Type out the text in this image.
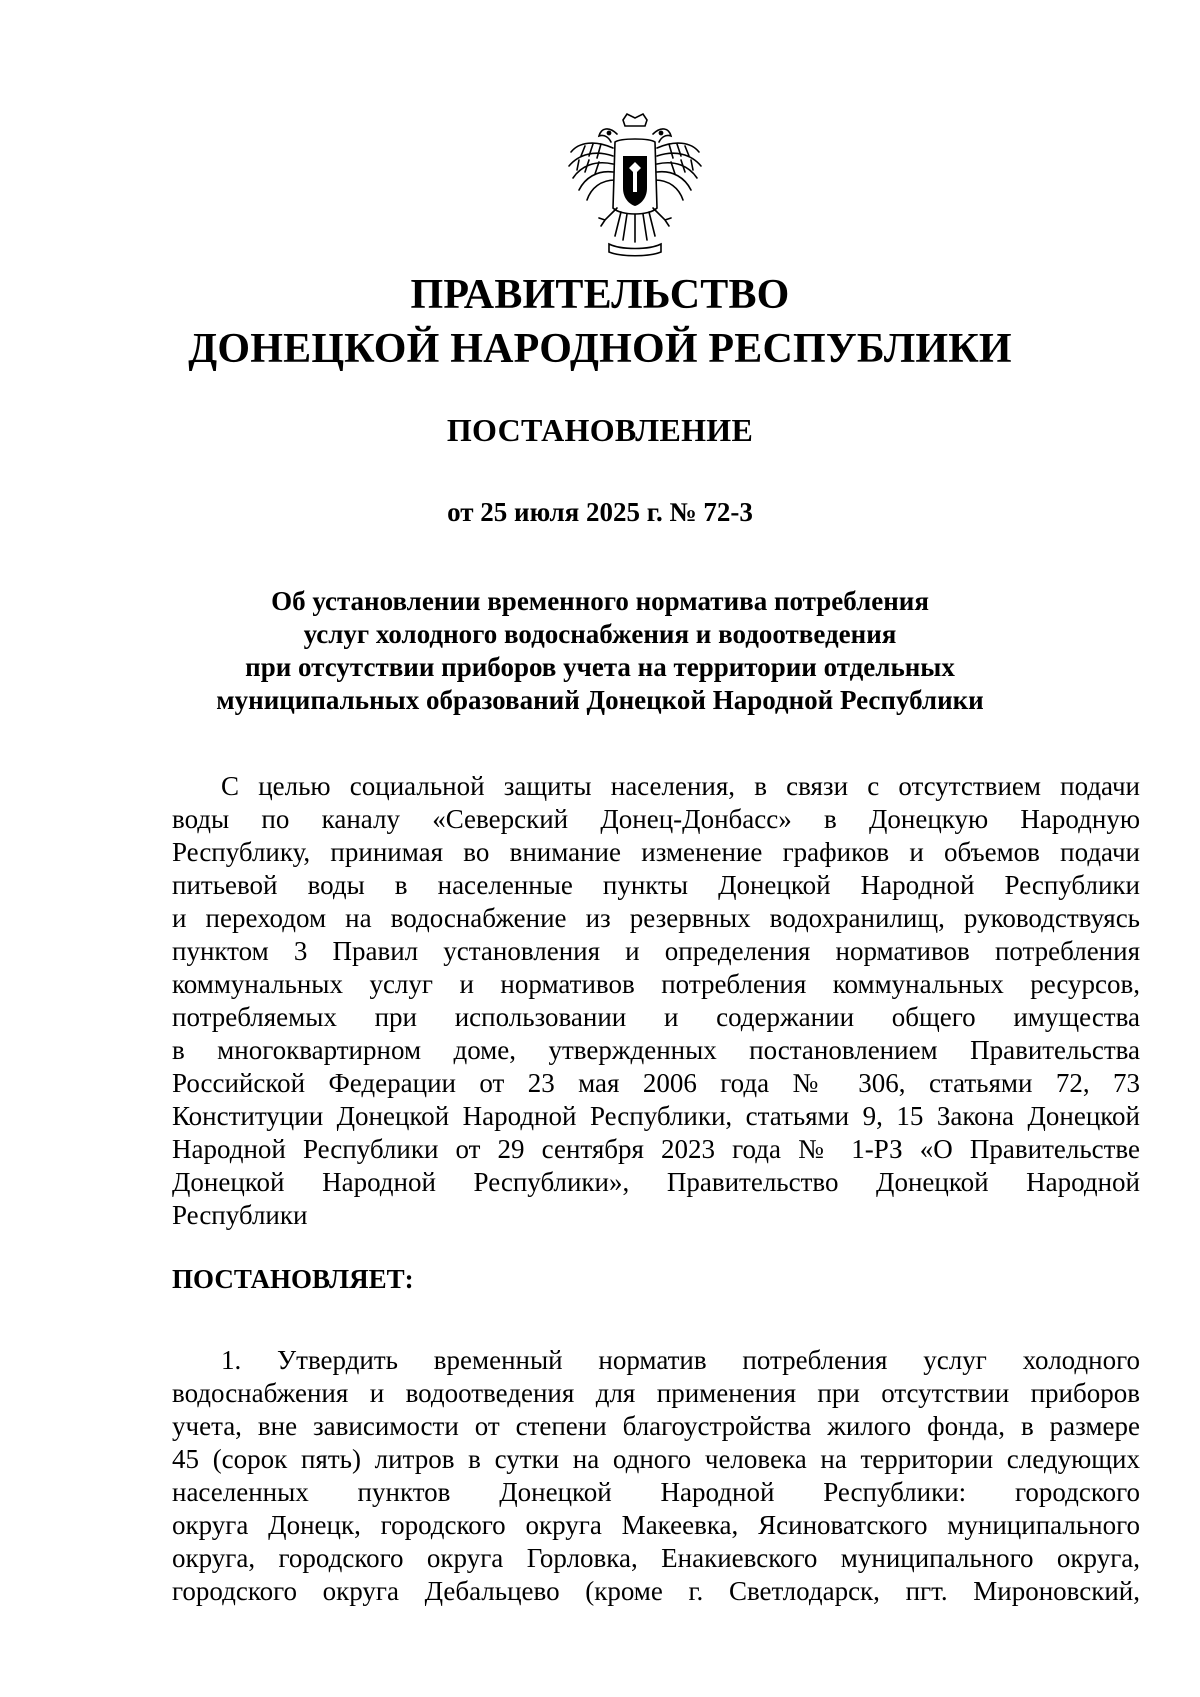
ПРАВИТЕЛЬСТВО
ДОНЕЦКОЙ НАРОДНОЙ РЕСПУБЛИКИ
ПОСТАНОВЛЕНИЕ
от 25 июля 2025 г. № 72-3
Об установлении временного норматива потребления
услуг холодного водоснабжения и водоотведения
при отсутствии приборов учета на территории отдельных
муниципальных образований Донецкой Народной Республики
С целью социальной защиты населения, в связи с отсутствием подачи
воды по каналу «Северский Донец-Донбасс» в Донецкую Народную
Республику, принимая во внимание изменение графиков и объемов подачи
питьевой воды в населенные пункты Донецкой Народной Республики
и переходом на водоснабжение из резервных водохранилищ, руководствуясь
пунктом 3 Правил установления и определения нормативов потребления
коммунальных услуг и нормативов потребления коммунальных ресурсов,
потребляемых при использовании и содержании общего имущества
в многоквартирном доме, утвержденных постановлением Правительства
Российской Федерации от 23 мая 2006 года № 306, статьями 72, 73
Конституции Донецкой Народной Республики, статьями 9, 15 Закона Донецкой
Народной Республики от 29 сентября 2023 года № 1-РЗ «О Правительстве
Донецкой Народной Республики», Правительство Донецкой Народной
Республики
ПОСТАНОВЛЯЕТ:
1. Утвердить временный норматив потребления услуг холодного
водоснабжения и водоотведения для применения при отсутствии приборов
учета, вне зависимости от степени благоустройства жилого фонда, в размере
45 (сорок пять) литров в сутки на одного человека на территории следующих
населенных пунктов Донецкой Народной Республики: городского
округа Донецк, городского округа Макеевка, Ясиноватского муниципального
округа, городского округа Горловка, Енакиевского муниципального округа,
городского округа Дебальцево (кроме г. Светлодарск, пгт. Мироновский,
